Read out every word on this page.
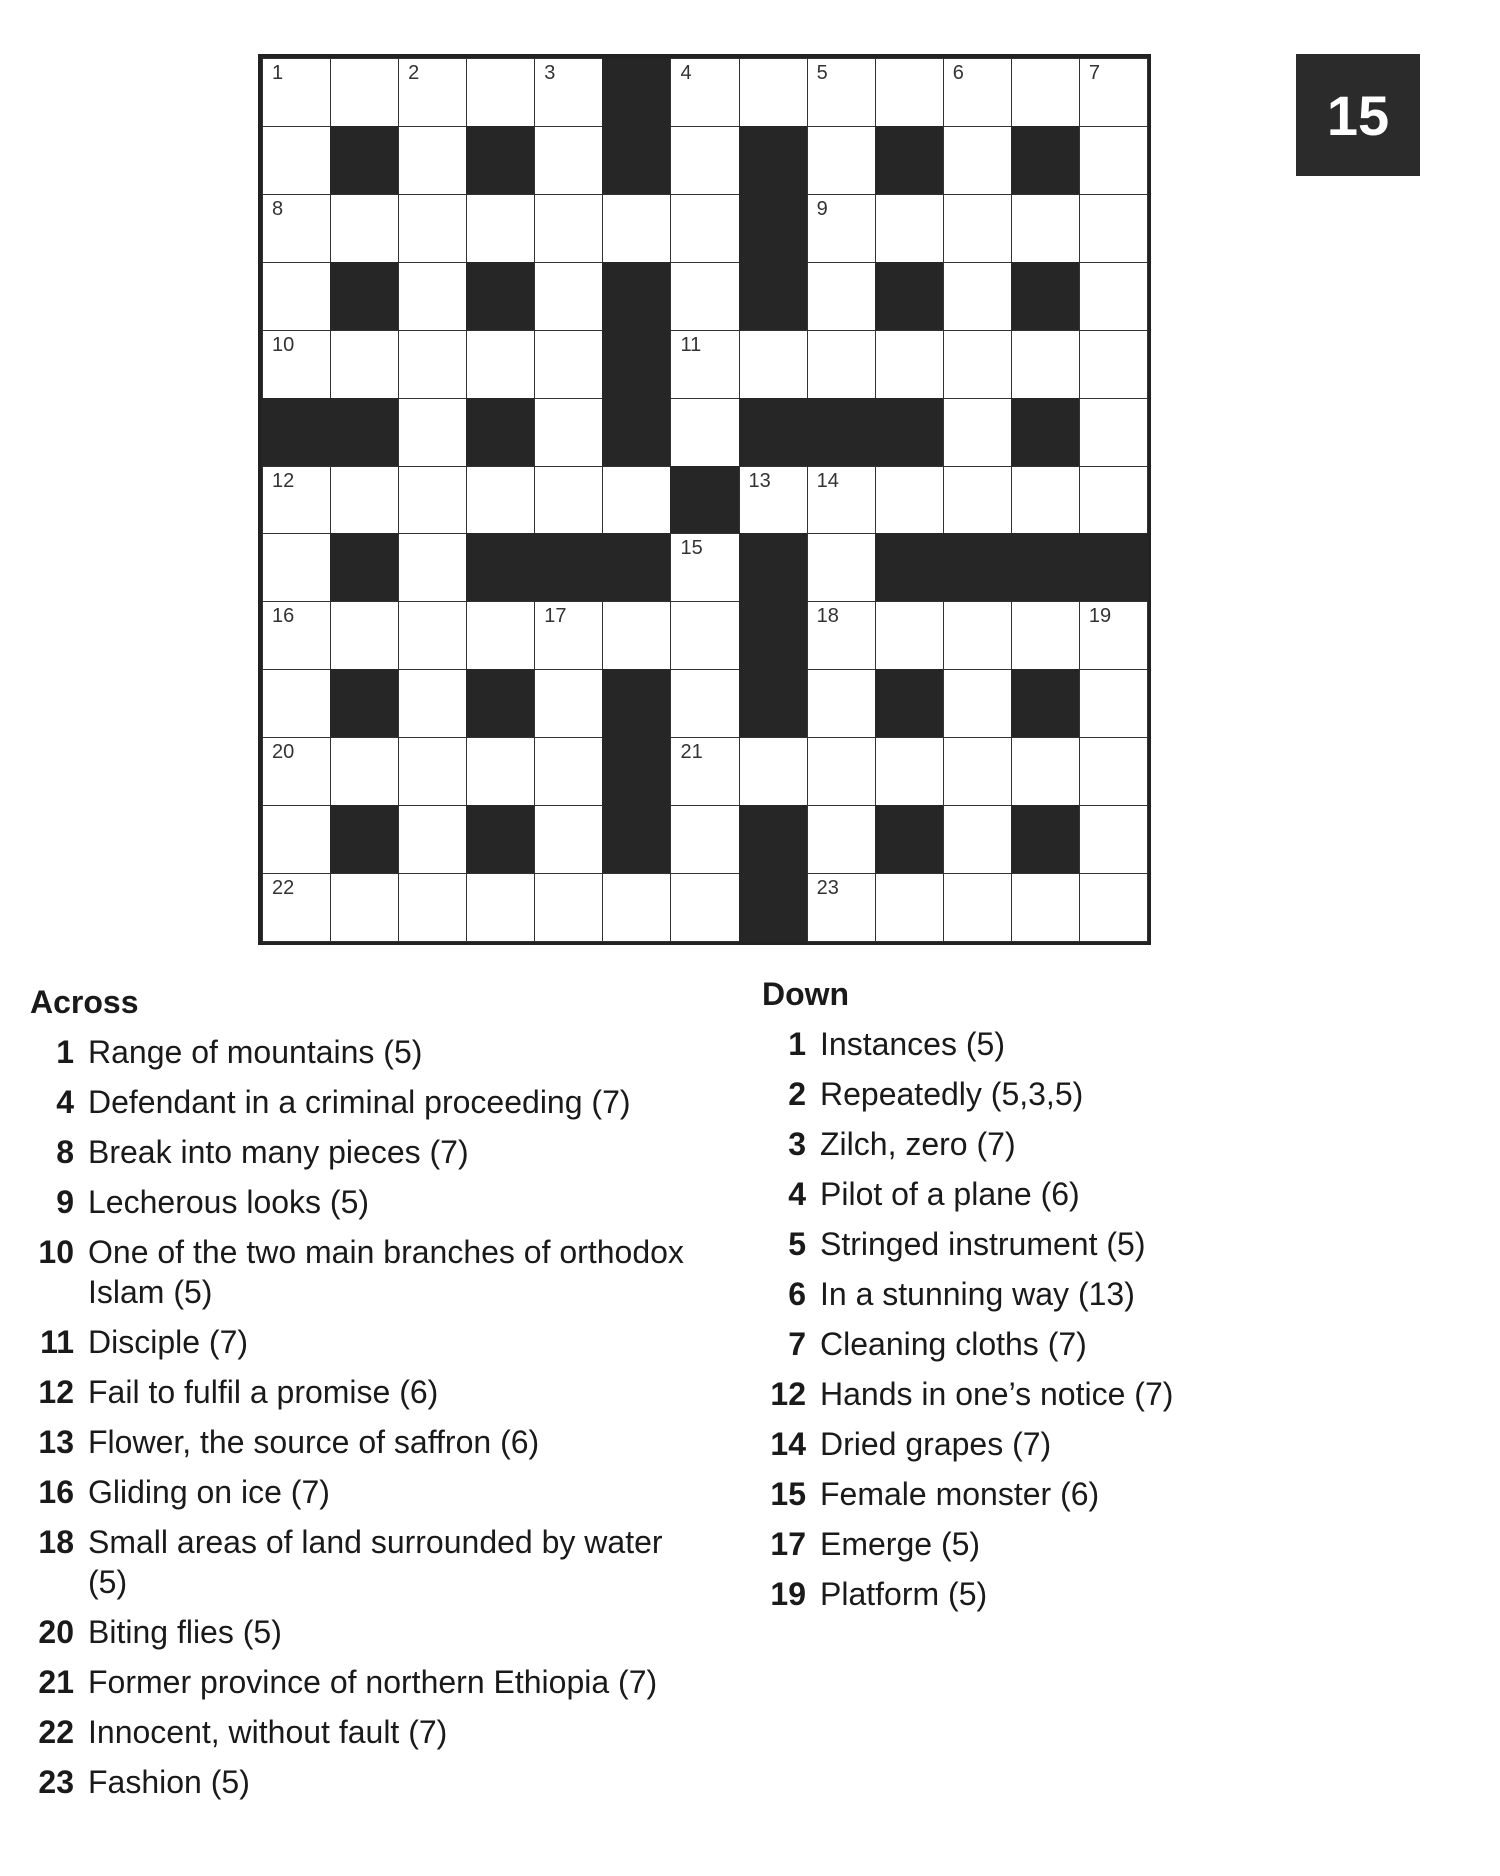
15
1	2	3	4	5	6	7
8	9
10	11
12	13 14
15
16	17	18	19
20	21
22	23
Across
1 Range of mountains (5)
4 Defendant in a criminal proceeding (7)
8 Break into many pieces (7)
9 Lecherous looks (5)
10 One of the two main branches of orthodox Islam (5)
11 Disciple (7)
12 Fail to fulfil a promise (6)
13 Flower, the source of saffron (6)
16 Gliding on ice (7)
18 Small areas of land surrounded by water (5)
20 Biting flies (5)
21 Former province of northern Ethiopia (7)
22 Innocent, without fault (7)
23 Fashion (5)
Down
1 Instances (5)
2 Repeatedly (5,3,5)
3 Zilch, zero (7)
4 Pilot of a plane (6)
5 Stringed instrument (5)
6 In a stunning way (13)
7 Cleaning cloths (7)
12 Hands in one’s notice (7)
14 Dried grapes (7)
15 Female monster (6)
17 Emerge (5)
19 Platform (5)
